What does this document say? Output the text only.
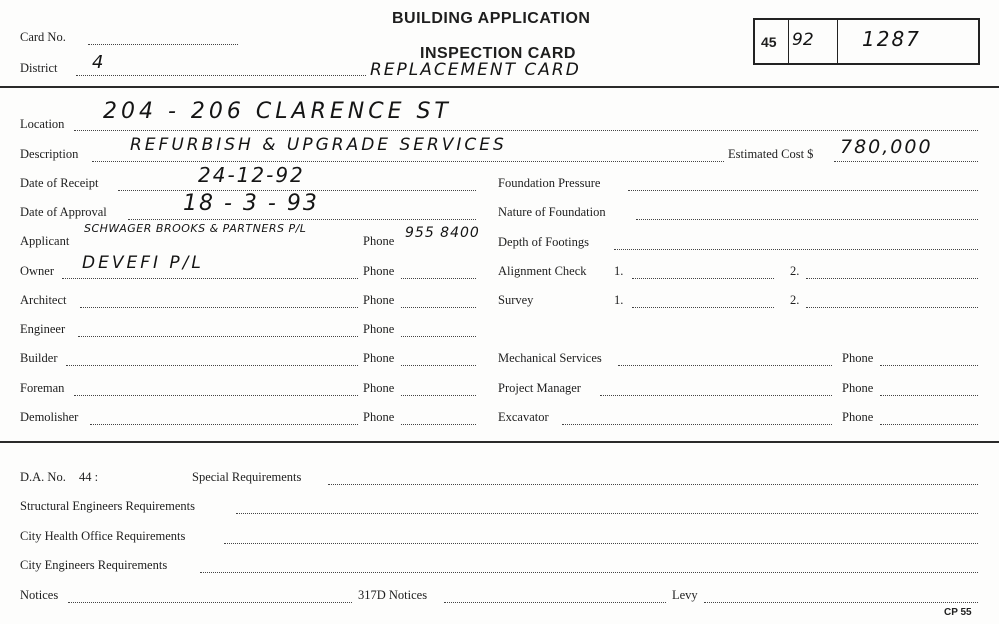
BUILDING APPLICATION
INSPECTION CARD
REPLACEMENT CARD
Card No.
District 4
45 92 1287
Location 204 - 206 CLARENCE ST
Description	REFURBISH & UPGRADE SERVICES	Estimated Cost $ 780,000
Date of Receipt	24-12-92
Date of Approval	18 - 3 - 93
Applicant
SCHWAGER BROOKS & PARTNERS P/L
Phone 955 8400
Owner DEVEFI P/L	Phone
Architect	Phone
Engineer	Phone
Builder	Phone
Foreman	Phone
Demolisher	Phone
Foundation Pressure
Nature of Foundation
Depth of Footings
Alignment Check 1.	2.
Survey	1.	2.
Mechanical Services	Phone
Project Manager	Phone
Excavator	Phone
D.A. No. 44 :	Special Requirements
Structural Engineers Requirements
City Health Office Requirements
City Engineers Requirements
Notices	317D Notices	Levy
CP 55
